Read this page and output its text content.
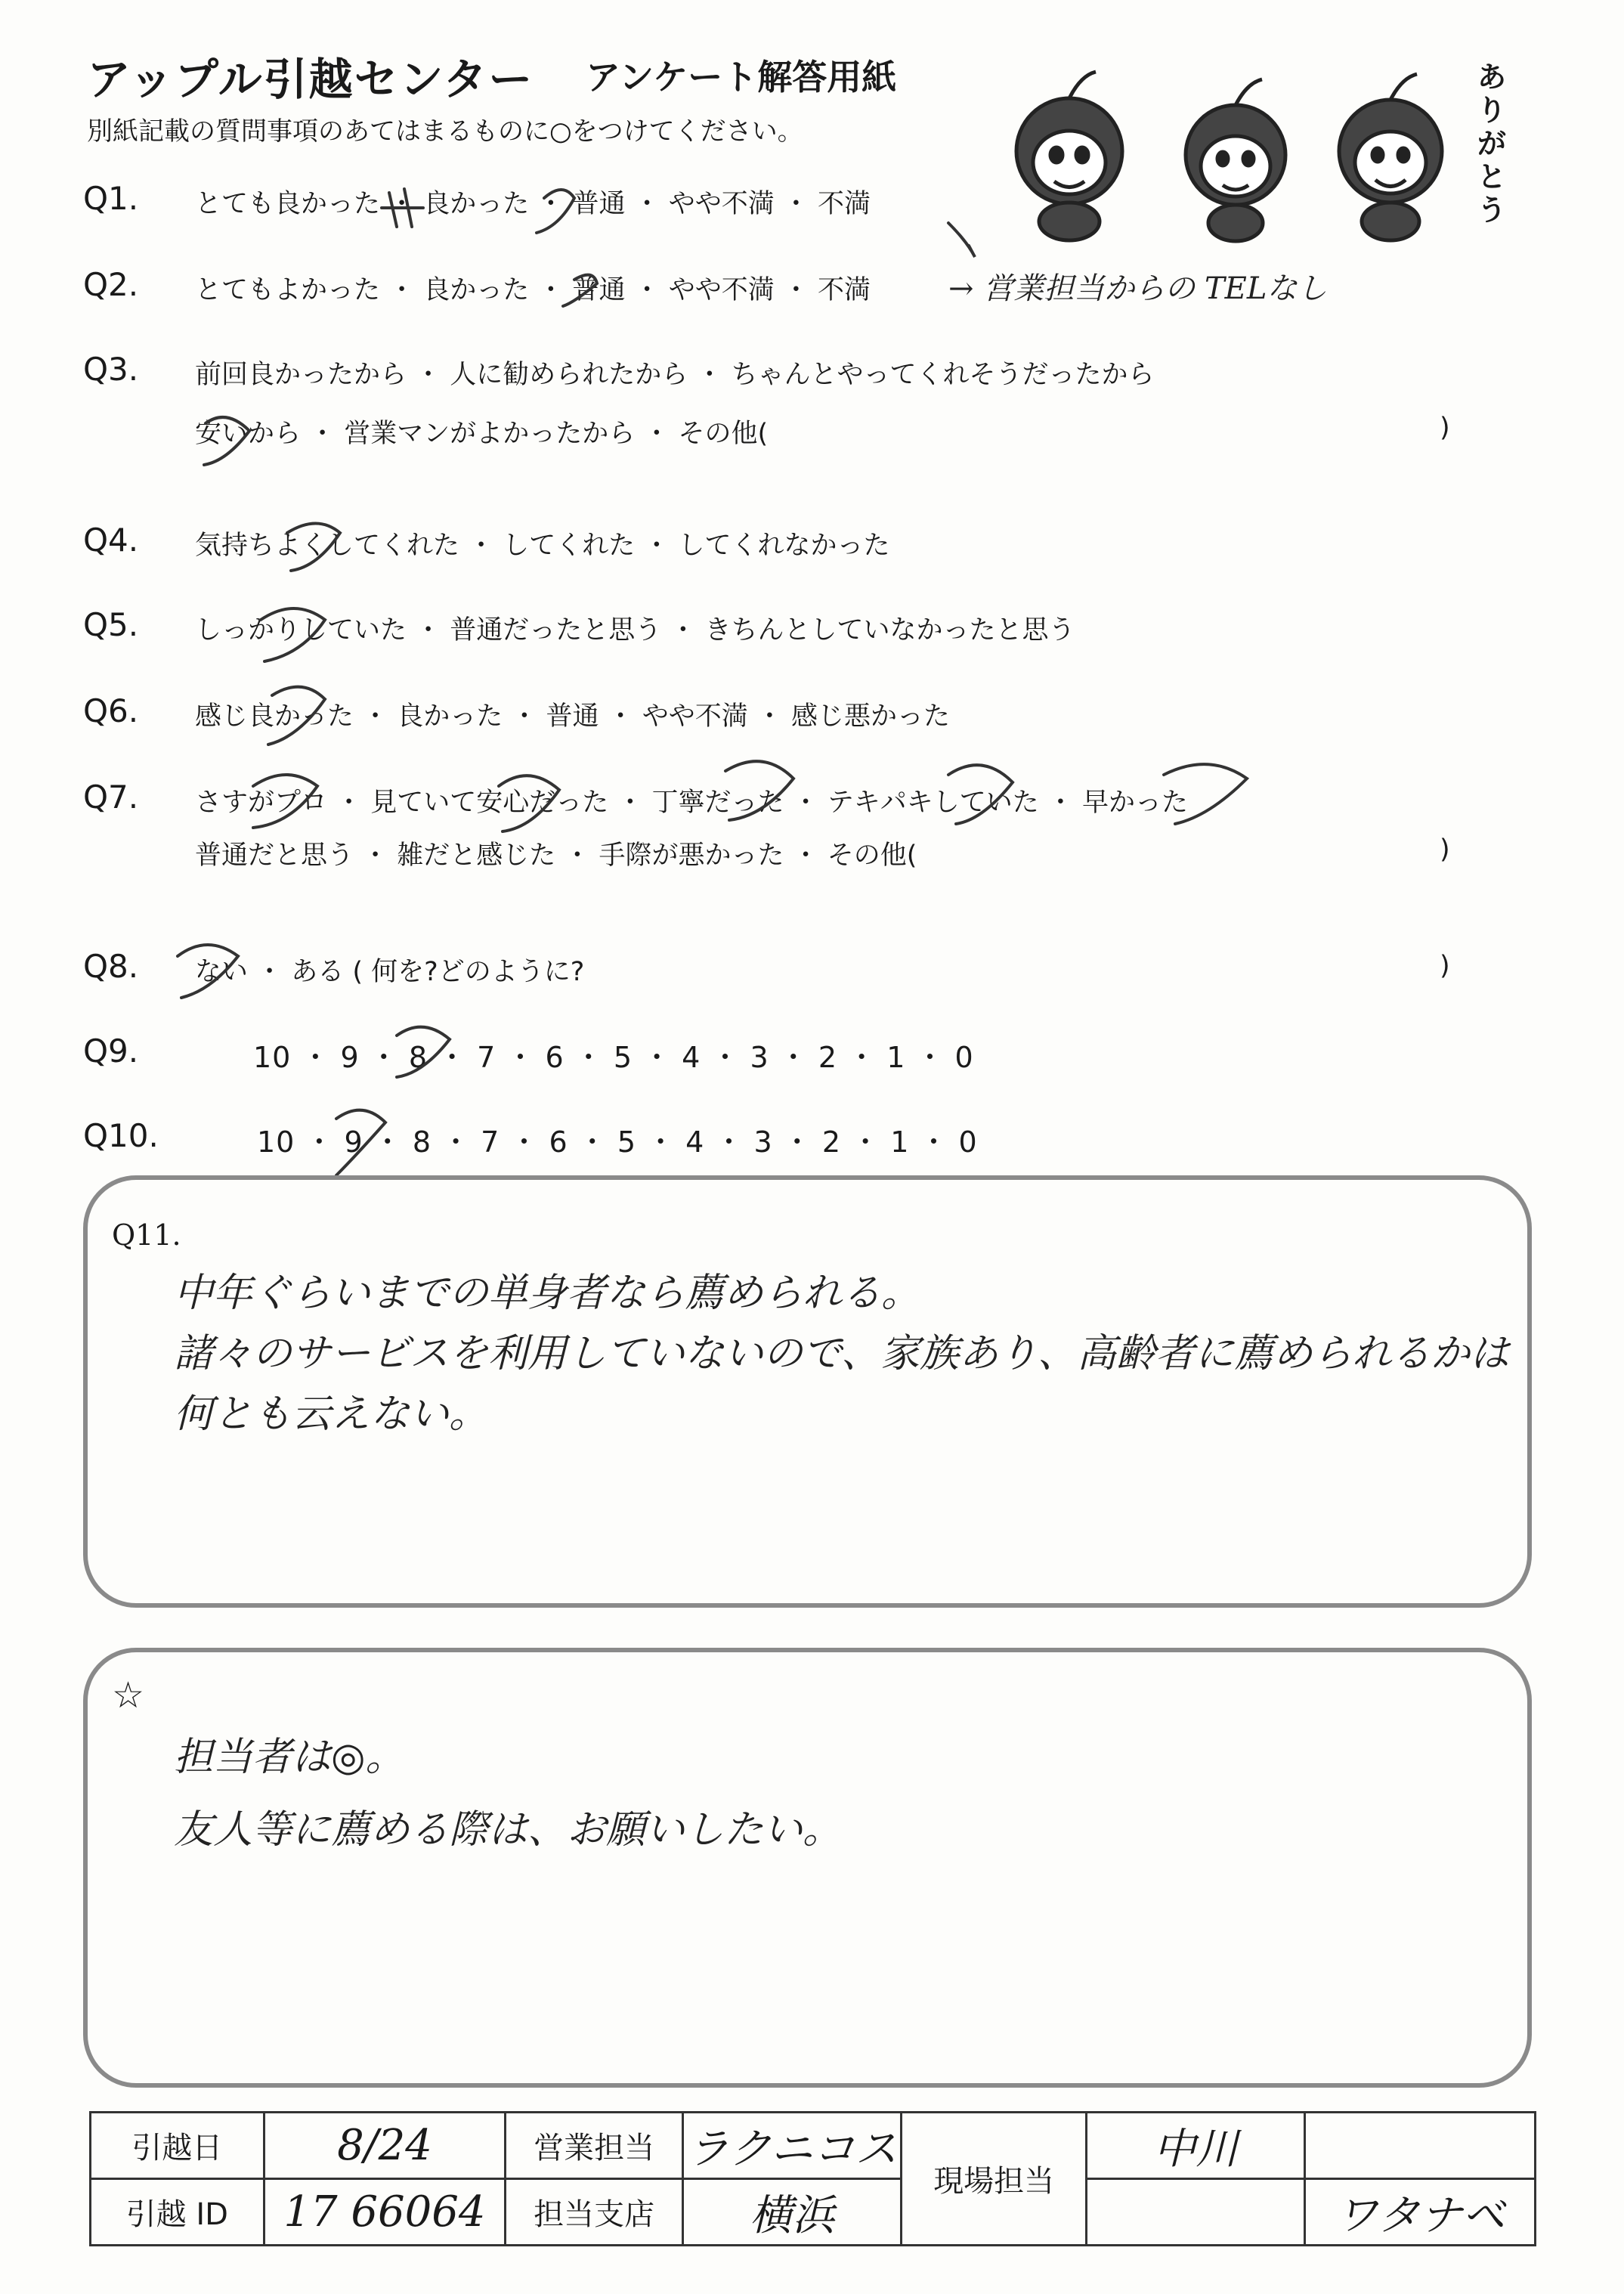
アップル引越センター アンケート解答用紙
別紙記載の質問事項のあてはまるものに○をつけてください。
ありがとう
Q1. とても良かった ・ 良かった ・ 普通 ・ やや不満 ・ 不満
Q2. とてもよかった ・ 良かった ・ 普通 ・ やや不満 ・ 不満	→ 営業担当からの TELなし
Q3. 前回良かったから ・ 人に勧められたから ・ ちゃんとやってくれそうだったから
安いから ・ 営業マンがよかったから ・ その他(	)
Q4. 気持ちよくしてくれた ・ してくれた ・ してくれなかった
Q5. しっかりしていた ・ 普通だったと思う ・ きちんとしていなかったと思う
Q6. 感じ良かった ・ 良かった ・ 普通 ・ やや不満 ・ 感じ悪かった
Q7. さすがプロ ・ 見ていて安心だった ・ 丁寧だった ・ テキパキしていた ・ 早かった
普通だと思う ・ 雑だと感じた ・ 手際が悪かった ・ その他(	)
Q8. ない ・ ある ( 何を?どのように?	)
Q9.	10 ・ 9 ・ 8 ・ 7 ・ 6 ・ 5 ・ 4 ・ 3 ・ 2 ・ 1 ・ 0
Q10.	10 ・ 9 ・ 8 ・ 7 ・ 6 ・ 5 ・ 4 ・ 3 ・ 2 ・ 1 ・ 0
Q11.
中年ぐらいまでの単身者なら薦められる。
諸々のサービスを利用していないので、家族あり、高齢者に薦められるかは
何とも云えない。
☆
担当者は◎。
友人等に薦める際は、お願いしたい。
引越日	8/24	営業担当	ラクニコス	現場担当	中川	
引越 ID	17 66064	担当支店	横浜			ワタナベ
